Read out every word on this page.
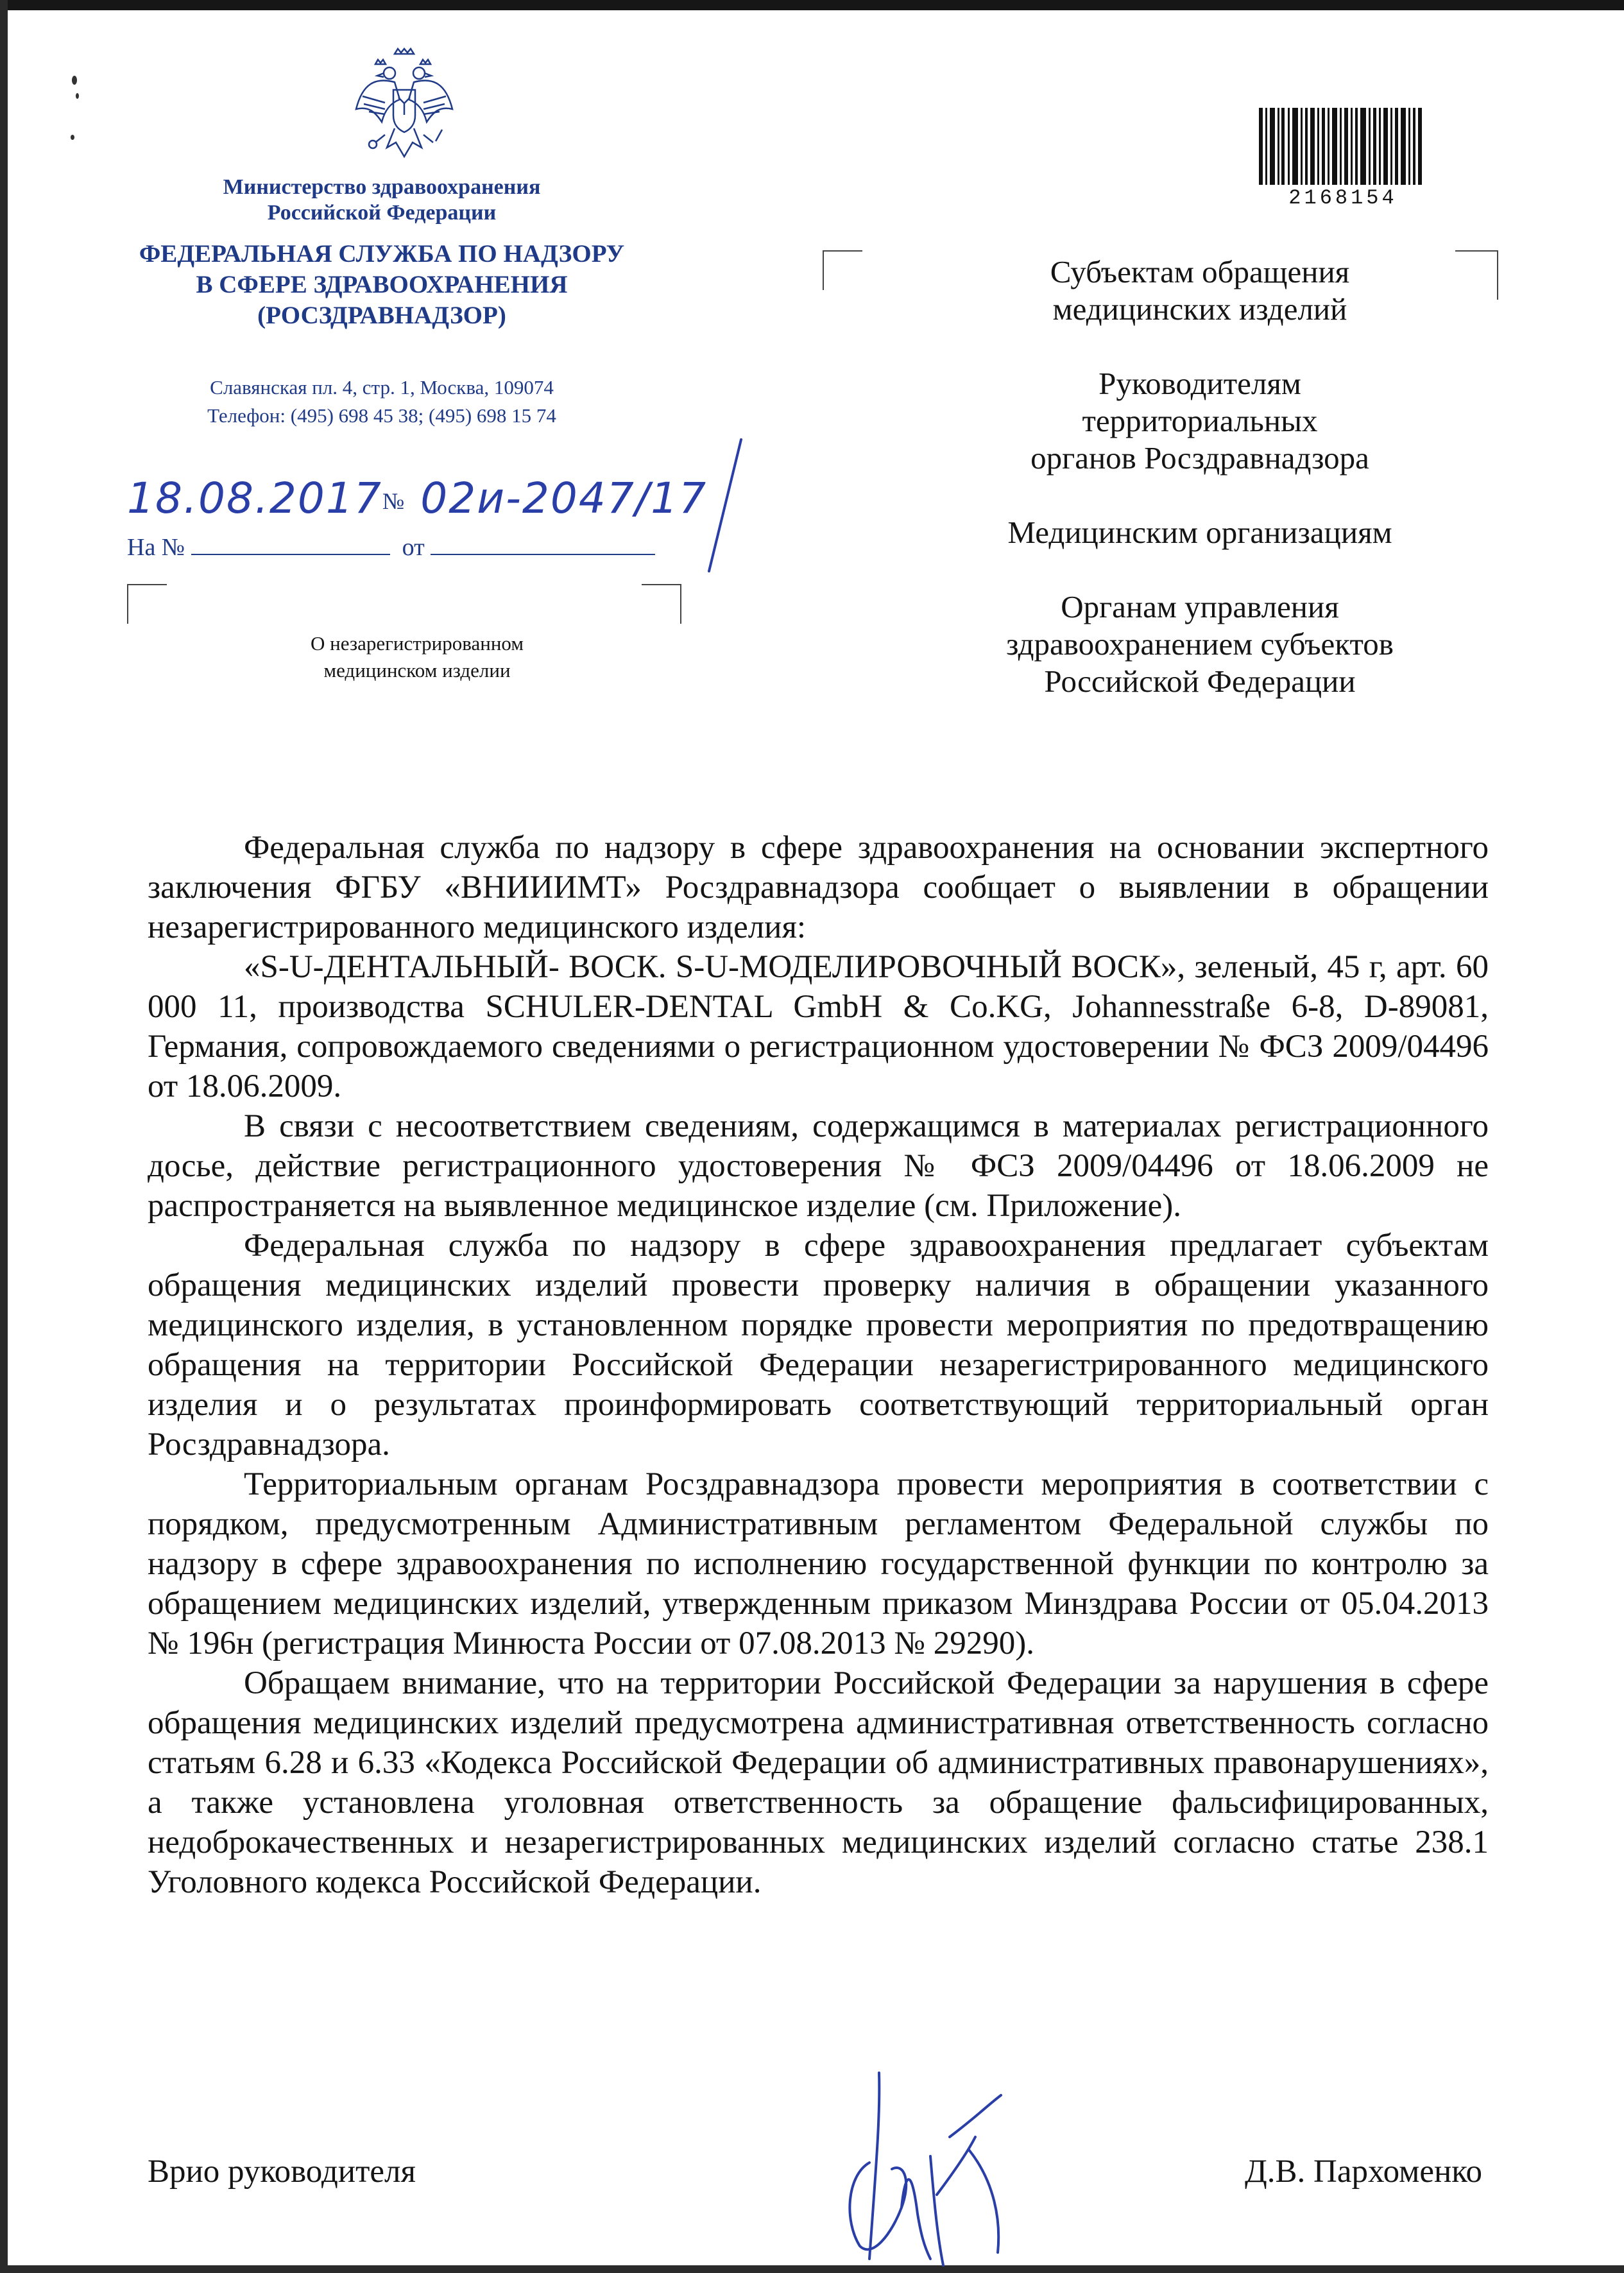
Министерство здравоохранения
Российской Федерации
ФЕДЕРАЛЬНАЯ СЛУЖБА ПО НАДЗОРУ
В СФЕРЕ ЗДРАВООХРАНЕНИЯ
(РОСЗДРАВНАДЗОР)
Славянская пл. 4, стр. 1, Москва, 109074
Телефон: (495) 698 45 38; (495) 698 15 74
18.08.2017№ 02и-2047/17
На №	от
О незарегистрированном
медицинском изделии
2168154
Субъектам обращения
медицинских изделий
Руководителям
территориальных
органов Росздравнадзора
Медицинским организациям
Органам управления
здравоохранением субъектов
Российской Федерации

Федеральная служба по надзору в сфере здравоохранения на основании экспертного заключения ФГБУ «ВНИИИМТ» Росздравнадзора сообщает о выявлении в обращении незарегистрированного медицинского изделия:

«S-U-ДЕНТАЛЬНЫЙ- ВОСК. S-U-МОДЕЛИРОВОЧНЫЙ ВОСК», зеленый, 45 г, арт. 60 000 11, производства SCHULER-DENTAL GmbH & Co.KG, Johannesstraße 6-8, D-89081, Германия, сопровождаемого сведениями о регистрационном удостоверении № ФСЗ 2009/04496 от 18.06.2009.

В связи с несоответствием сведениям, содержащимся в материалах регистрационного досье, действие регистрационного удостоверения № ФСЗ 2009/04496 от 18.06.2009 не распространяется на выявленное медицинское изделие (см. Приложение).

Федеральная служба по надзору в сфере здравоохранения предлагает субъектам обращения медицинских изделий провести проверку наличия в обращении указанного медицинского изделия, в установленном порядке провести мероприятия по предотвращению обращения на территории Российской Федерации незарегистрированного медицинского изделия и о результатах проинформировать соответствующий территориальный орган Росздравнадзора.

Территориальным органам Росздравнадзора провести мероприятия в соответствии с порядком, предусмотренным Административным регламентом Федеральной службы по надзору в сфере здравоохранения по исполнению государственной функции по контролю за обращением медицинских изделий, утвержденным приказом Минздрава России от 05.04.2013 № 196н (регистрация Минюста России от 07.08.2013 № 29290).

Обращаем внимание, что на территории Российской Федерации за нарушения в сфере обращения медицинских изделий предусмотрена административная ответственность согласно статьям 6.28 и 6.33 «Кодекса Российской Федерации об административных правонарушениях», а также установлена уголовная ответственность за обращение фальсифицированных, недоброкачественных и незарегистрированных медицинских изделий согласно статье 238.1 Уголовного кодекса Российской Федерации.

Врио руководителя	Д.В. Пархоменко
